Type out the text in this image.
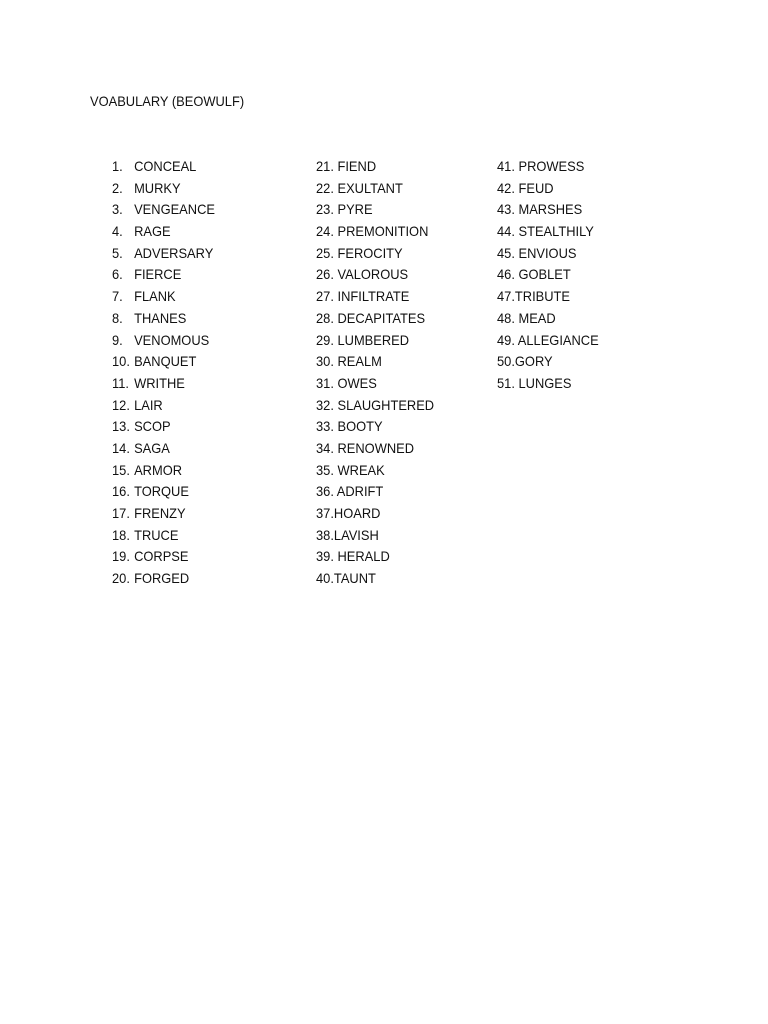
VOABULARY (BEOWULF)
1. CONCEAL
2. MURKY
3. VENGEANCE
4. RAGE
5. ADVERSARY
6. FIERCE
7. FLANK
8. THANES
9. VENOMOUS
10. BANQUET
11. WRITHE
12. LAIR
13. SCOP
14. SAGA
15. ARMOR
16. TORQUE
17. FRENZY
18. TRUCE
19. CORPSE
20. FORGED
21. FIEND
22. EXULTANT
23. PYRE
24. PREMONITION
25. FEROCITY
26. VALOROUS
27. INFILTRATE
28. DECAPITATES
29. LUMBERED
30. REALM
31. OWES
32. SLAUGHTERED
33. BOOTY
34. RENOWNED
35. WREAK
36. ADRIFT
37.HOARD
38.LAVISH
39. HERALD
40.TAUNT
41. PROWESS
42. FEUD
43. MARSHES
44. STEALTHILY
45. ENVIOUS
46. GOBLET
47.TRIBUTE
48. MEAD
49. ALLEGIANCE
50.GORY
51. LUNGES
